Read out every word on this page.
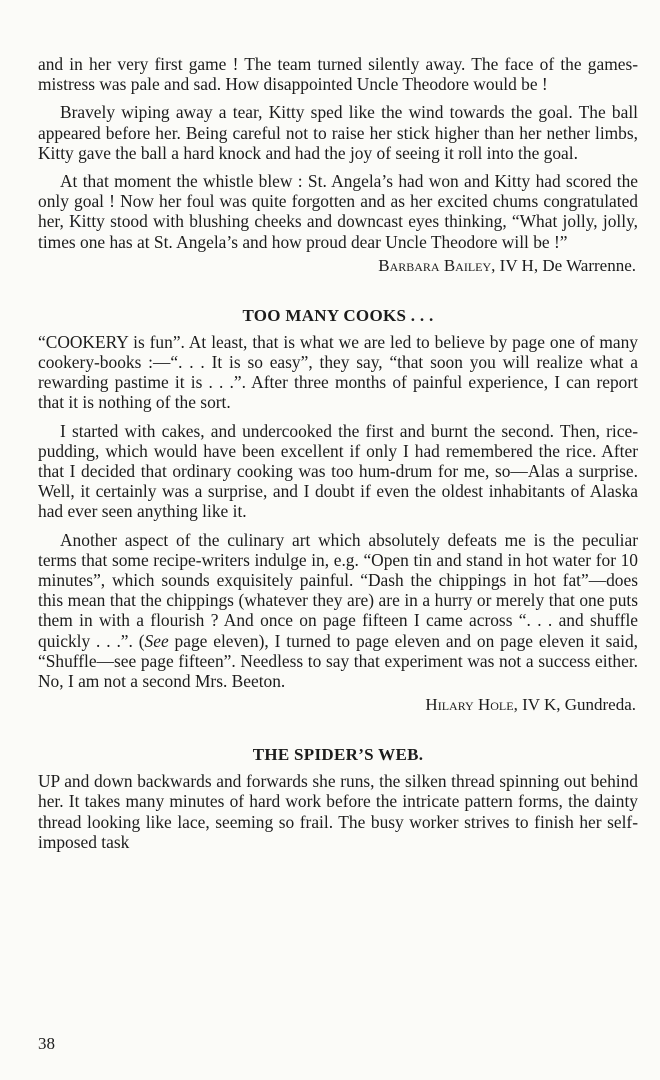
and in her very first game ! The team turned silently away. The face of the games-mistress was pale and sad. How disappointed Uncle Theodore would be !

Bravely wiping away a tear, Kitty sped like the wind towards the goal. The ball appeared before her. Being careful not to raise her stick higher than her nether limbs, Kitty gave the ball a hard knock and had the joy of seeing it roll into the goal.

At that moment the whistle blew : St. Angela’s had won and Kitty had scored the only goal ! Now her foul was quite forgotten and as her excited chums congratulated her, Kitty stood with blushing cheeks and downcast eyes thinking, “What jolly, jolly, times one has at St. Angela’s and how proud dear Uncle Theodore will be !”

Barbara Bailey, IV H, De Warrenne.
TOO MANY COOKS . . .

“COOKERY is fun”. At least, that is what we are led to believe by page one of many cookery-books :—“. . . It is so easy”, they say, “that soon you will realize what a rewarding pastime it is . . .”. After three months of painful experience, I can report that it is nothing of the sort.

I started with cakes, and undercooked the first and burnt the second. Then, rice-pudding, which would have been excellent if only I had remembered the rice. After that I decided that ordinary cooking was too hum-drum for me, so—Alas a surprise. Well, it certainly was a surprise, and I doubt if even the oldest inhabitants of Alaska had ever seen anything like it.

Another aspect of the culinary art which absolutely defeats me is the peculiar terms that some recipe-writers indulge in, e.g. “Open tin and stand in hot water for 10 minutes”, which sounds exquisitely painful. “Dash the chippings in hot fat”—does this mean that the chippings (whatever they are) are in a hurry or merely that one puts them in with a flourish ? And once on page fifteen I came across “. . . and shuffle quickly . . .”. (See page eleven), I turned to page eleven and on page eleven it said, “Shuffle—see page fifteen”. Needless to say that experiment was not a success either. No, I am not a second Mrs. Beeton.

Hilary Hole, IV K, Gundreda.
THE SPIDER’S WEB.

UP and down backwards and forwards she runs, the silken thread spinning out behind her. It takes many minutes of hard work before the intricate pattern forms, the dainty thread looking like lace, seeming so frail. The busy worker strives to finish her self-imposed task

38
